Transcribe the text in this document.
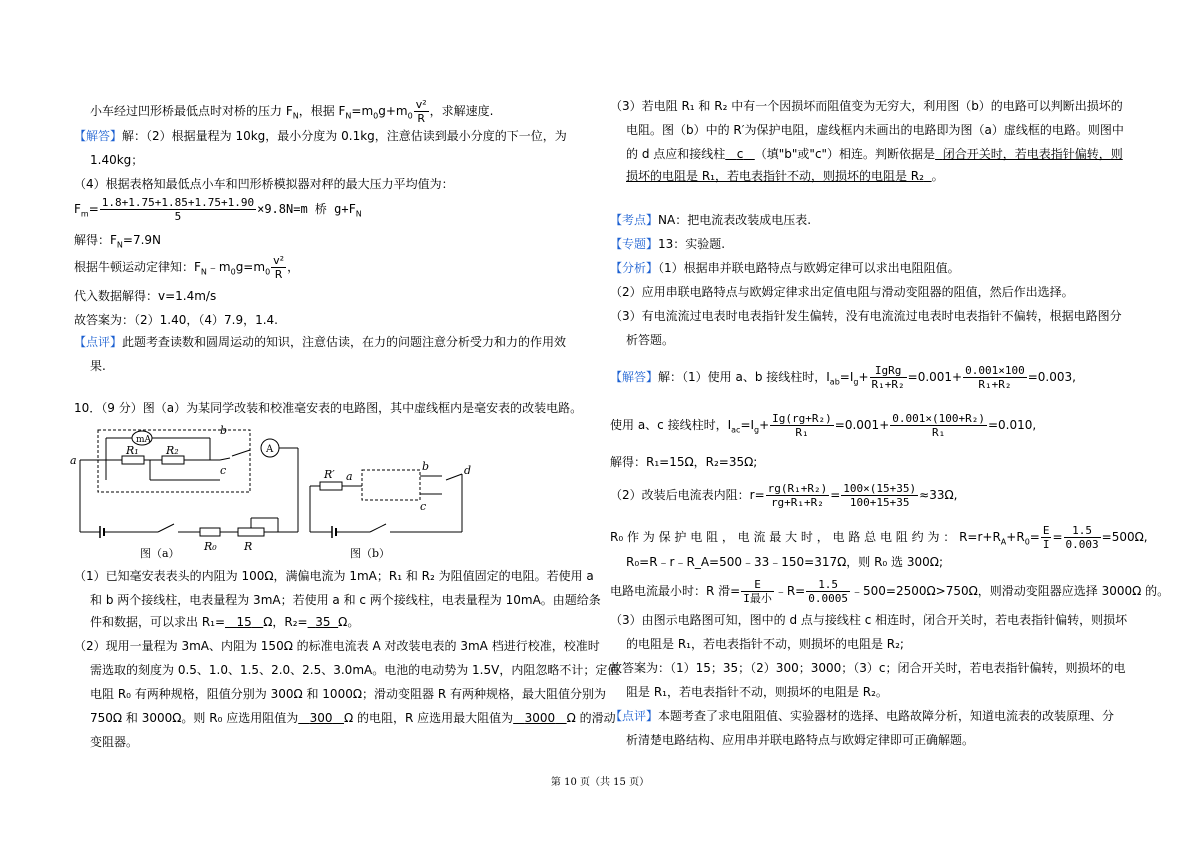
小车经过凹形桥最低点时对桥的压力 $F_N$，根据 $F_N=m_0g+m_0 \frac{\text{v²}}{R}$ ，求解速度.
【解答】解：（2）根据量程为 10kg，最小分度为 0.1kg，注意估读到最小分度的下一位，为
1.40kg；
（4）根据表格知最低点小车和凹形桥模拟器对秤的最大压力平均值为：
$F_m= \frac{1.8+1.75+1.85+1.75+1.90}{5} \times 9.8N=m$ 桥 $g+F_N$
解得：$F_N=7.9N$
根据牛顿运动定律知：$F_N﹣m_0g=m_0 \frac{\text{v²}}{R}$ ，
代入数据解得：v=1.4m/s
故答案为：（2）1.40，（4）7.9，1.4.
【点评】此题考查读数和圆周运动的知识，注意估读，在力的问题注意分析受力和力的作用效
果.
10．（9 分）图（a）为某同学改装和校准毫安表的电路图，其中虚线框内是毫安表的改装电路。
mA
A
R₁ R₂
R₀ R
R′
a
b
c	a
b
c
d
图（a）	图（b）
（1）已知毫安表表头的内阻为 100Ω，满偏电流为 1mA；R₁ 和 R₂ 为阻值固定的电阻。若使用 a
和 b 两个接线柱，电表量程为 3mA；若使用 a 和 c 两个接线柱，电表量程为 10mA。由题给条
件和数据，可以求出 R₁= 15 Ω，R₂= 35 Ω。
（2）现用一量程为 3mA、内阻为 150Ω 的标准电流表 A 对改装电表的 3mA 档进行校准，校准时
需选取的刻度为 0.5、1.0、1.5、2.0、2.5、3.0mA。电池的电动势为 1.5V，内阻忽略不计；定值
电阻 R₀ 有两种规格，阻值分别为 300Ω 和 1000Ω；滑动变阻器 R 有两种规格，最大阻值分别为
750Ω 和 3000Ω。则 R₀ 应选用阻值为 300 Ω 的电阻，R 应选用最大阻值为 3000 Ω 的滑动
变阻器。
（3）若电阻 R₁ 和 R₂ 中有一个因损坏而阻值变为无穷大，利用图（b）的电路可以判断出损坏的
电阻。图（b）中的 R′为保护电阻，虚线框内未画出的电路即为图（a）虚线框的电路。则图中
的 d 点应和接线柱 c （填"b"或"c"）相连。判断依据是 闭合开关时，若电表指针偏转，则
损坏的电阻是 R₁，若电表指针不动，则损坏的电阻是 R₂ 。
【考点】NA：把电流表改装成电压表.
【专题】13：实验题.
【分析】（1）根据串并联电路特点与欧姆定律可以求出电阻阻值。
（2）应用串联电路特点与欧姆定律求出定值电阻与滑动变阻器的阻值，然后作出选择。
（3）有电流流过电表时电表指针发生偏转，没有电流流过电表时电表指针不偏转，根据电路图分
析答题。
【解答】解：（1）使用 a、b 接线柱时，$I_{ab}=I_g+$ IgRg
R₁+R₂
$=0.001+ \frac{0.001\times 100}{\text{R₁+R₂}} =0.003$,
使用 a、c 接线柱时，$I_{ac}=I_g+ \frac{\text{Ig(rg+R₂)}}{\text{R₁}} =0.001+ \frac{\text{0.001×(100+R₂)}}{\text{R₁}} =0.010$,
解得：R₁=15Ω，R₂=35Ω;
（2）改装后电流表内阻：$r= \frac{\text{rg(R₁+R₂)}}{\text{rg+R₁+R₂}} = \frac{100\times(15+35)}{100+15+35} \approx 33\Omega$,
R₀ 作 为 保 护 电 阻 ， 电 流 最 大 时 ， 电 路 总 电 阻 约 为 ： $R=r+R_A+R_0= \frac{E}{I} = \frac{1.5}{0.003} =500\Omega$,
R₀=R﹣r﹣R_A=500﹣33﹣150=317Ω，则 R₀ 选 300Ω;
电路电流最小时：R 滑=	E
I最小
﹣R= $\frac{1.5}{0.0005}$ ﹣500=2500Ω>750Ω，则滑动变阻器应选择 3000Ω 的。
（3）由图示电路图可知，图中的 d 点与接线柱 c 相连时，闭合开关时，若电表指针偏转，则损坏
的电阻是 R₁，若电表指针不动，则损坏的电阻是 R₂;
故答案为：（1）15；35；（2）300；3000；（3）c；闭合开关时，若电表指针偏转，则损坏的电
阻是 R₁，若电表指针不动，则损坏的电阻是 R₂。
【点评】本题考查了求电阻阻值、实验器材的选择、电路故障分析，知道电流表的改装原理、分
析清楚电路结构、应用串并联电路特点与欧姆定律即可正确解题。
第 10 页（共 15 页）
